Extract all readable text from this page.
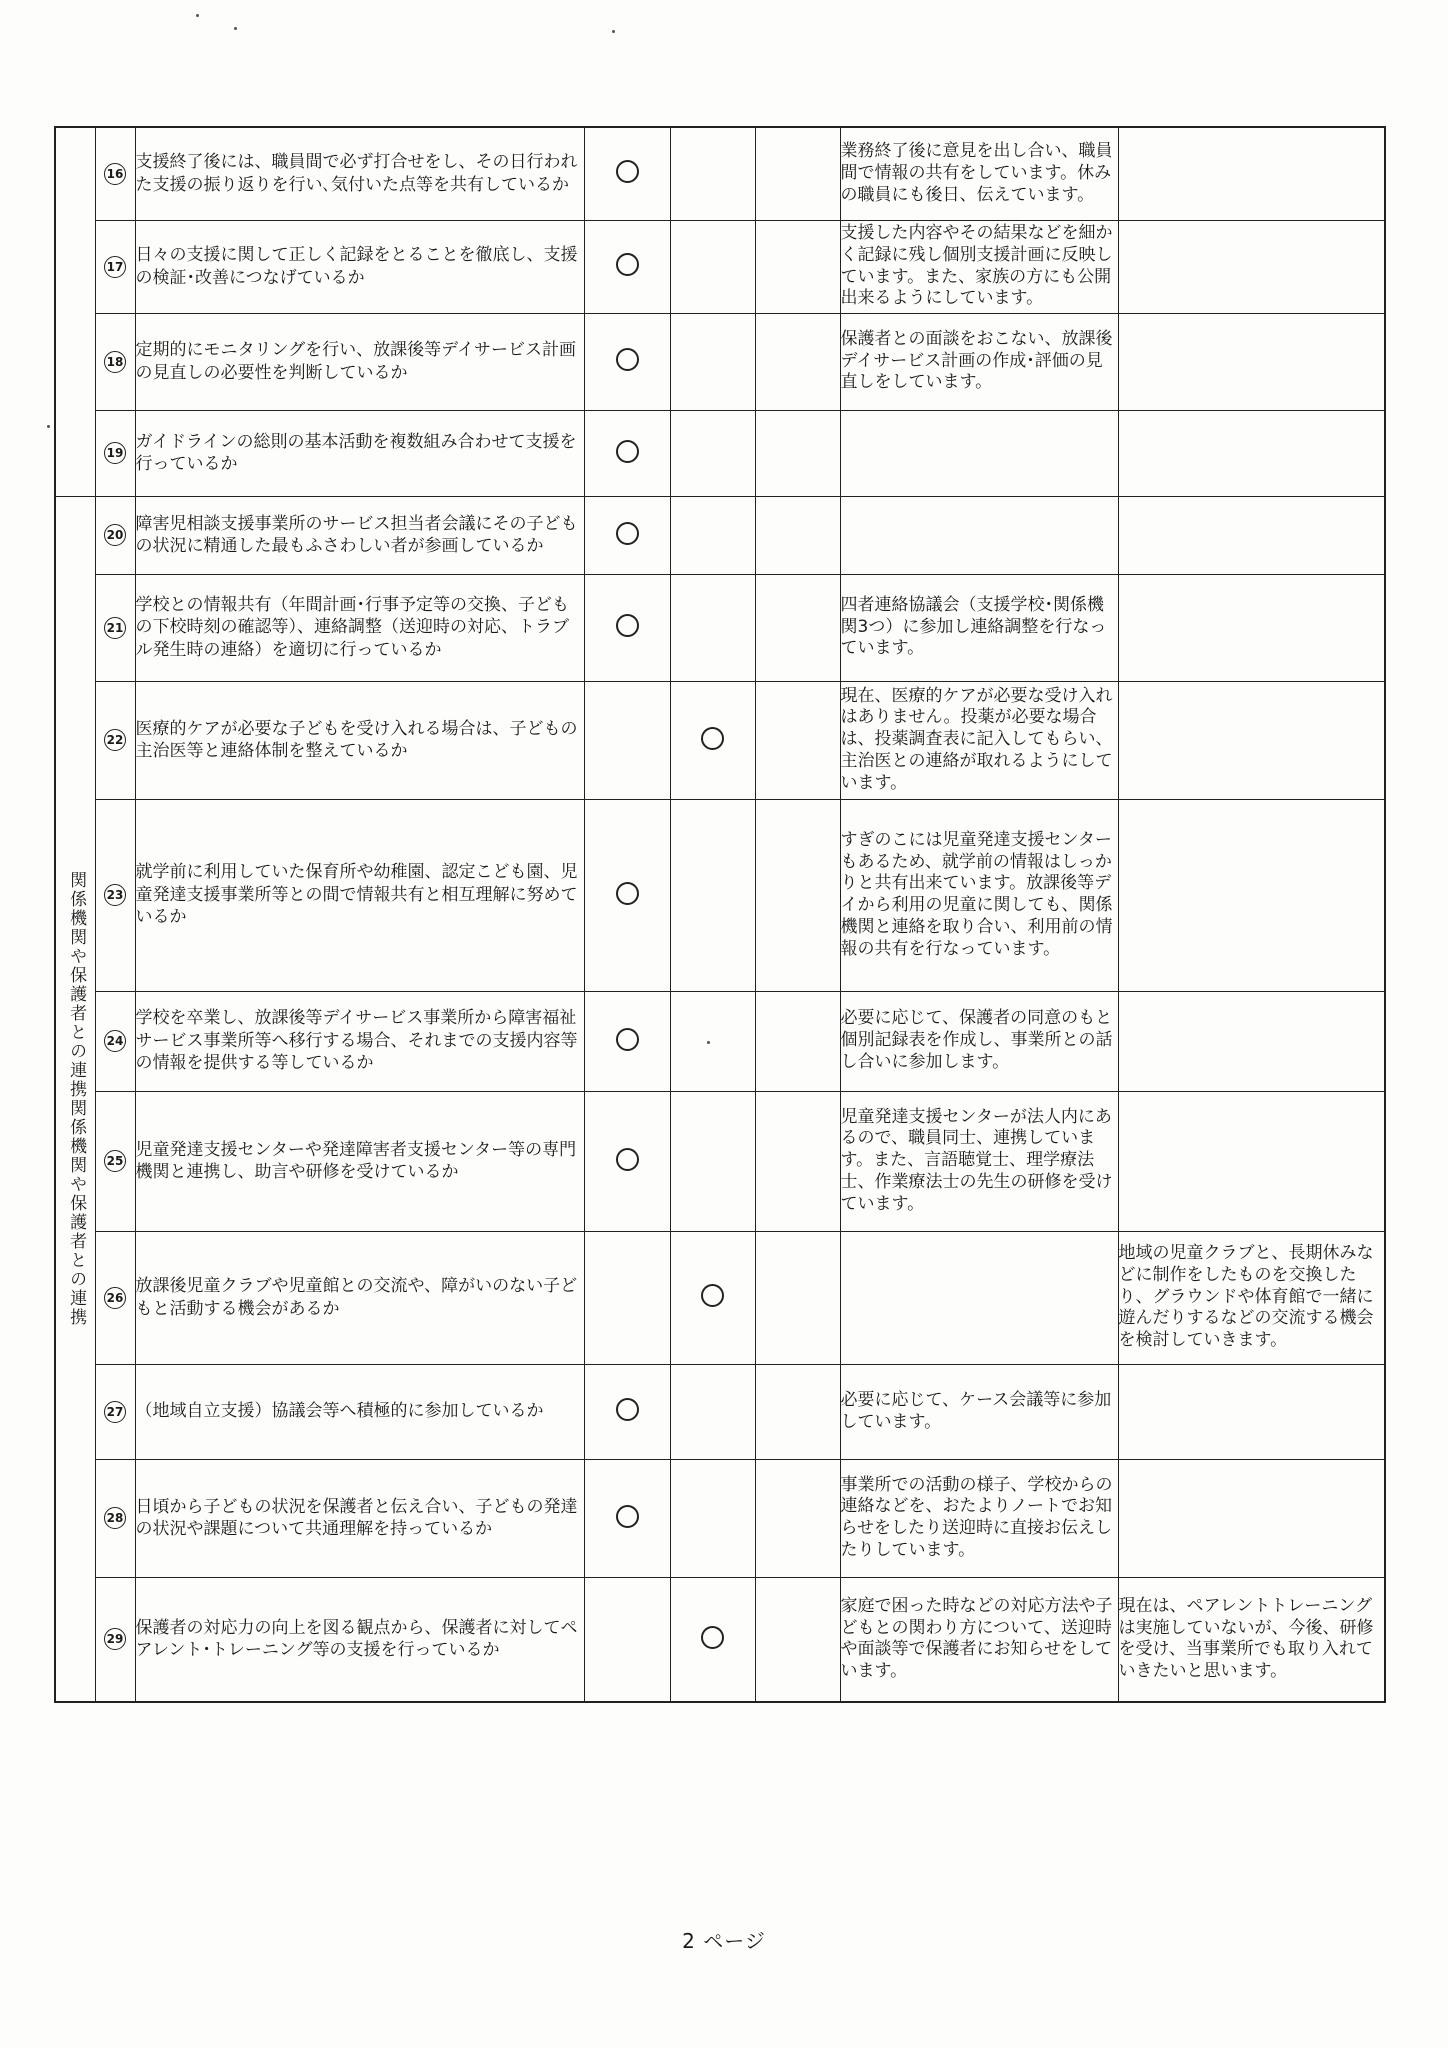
	16	支援終了後には、職員間で必ず打合せをし、その日行われた支援の振り返りを行い､気付いた点等を共有しているか				業務終了後に意見を出し合い、職員間で情報の共有をしています。休みの職員にも後日、伝えています。	
	17	日々の支援に関して正しく記録をとることを徹底し、支援の検証･改善につなげているか				支援した内容やその結果などを細かく記録に残し個別支援計画に反映しています。また、家族の方にも公開出来るようにしています。	
	18	定期的にモニタリングを行い、放課後等デイサービス計画の見直しの必要性を判断しているか				保護者との面談をおこない、放課後デイサービス計画の作成･評価の見直しをしています。	
	19	ガイドラインの総則の基本活動を複数組み合わせて支援を行っているか					

関係機関や保護者との連携関係機関や保護者との連携	20	障害児相談支援事業所のサービス担当者会議にその子どもの状況に精通した最もふさわしい者が参画しているか					
	21	学校との情報共有（年間計画･行事予定等の交換、子どもの下校時刻の確認等）、連絡調整（送迎時の対応、トラブル発生時の連絡）を適切に行っているか				四者連絡協議会（支援学校･関係機関3つ）に参加し連絡調整を行なっています。	
	22	医療的ケアが必要な子どもを受け入れる場合は、子どもの主治医等と連絡体制を整えているか				現在、医療的ケアが必要な受け入れはありません。投薬が必要な場合は、投薬調査表に記入してもらい、主治医との連絡が取れるようにしています。	
	23	就学前に利用していた保育所や幼稚園、認定こども園、児童発達支援事業所等との間で情報共有と相互理解に努めているか				すぎのこには児童発達支援センターもあるため、就学前の情報はしっかりと共有出来ています。放課後等デイから利用の児童に関しても、関係機関と連絡を取り合い、利用前の情報の共有を行なっています。	
	24	学校を卒業し、放課後等デイサービス事業所から障害福祉サービス事業所等へ移行する場合、それまでの支援内容等の情報を提供する等しているか				必要に応じて、保護者の同意のもと個別記録表を作成し、事業所との話し合いに参加します。	
	25	児童発達支援センターや発達障害者支援センター等の専門機関と連携し、助言や研修を受けているか				児童発達支援センターが法人内にあるので、職員同士、連携しています。また、言語聴覚士、理学療法士、作業療法士の先生の研修を受けています。	
	26	放課後児童クラブや児童館との交流や、障がいのない子どもと活動する機会があるか					地域の児童クラブと、長期休みなどに制作をしたものを交換したり、グラウンドや体育館で一緒に遊んだりするなどの交流する機会を検討していきます。
	27	（地域自立支援）協議会等へ積極的に参加しているか				必要に応じて、ケース会議等に参加しています。	
	28	日頃から子どもの状況を保護者と伝え合い、子どもの発達の状況や課題について共通理解を持っているか				事業所での活動の様子、学校からの連絡などを、おたよりノートでお知らせをしたり送迎時に直接お伝えしたりしています。	
	29	保護者の対応力の向上を図る観点から、保護者に対してペアレント･トレーニング等の支援を行っているか				家庭で困った時などの対応方法や子どもとの関わり方について、送迎時や面談等で保護者にお知らせをしています。	現在は、ペアレントトレーニングは実施していないが、今後、研修を受け、当事業所でも取り入れていきたいと思います。
2 ページ
